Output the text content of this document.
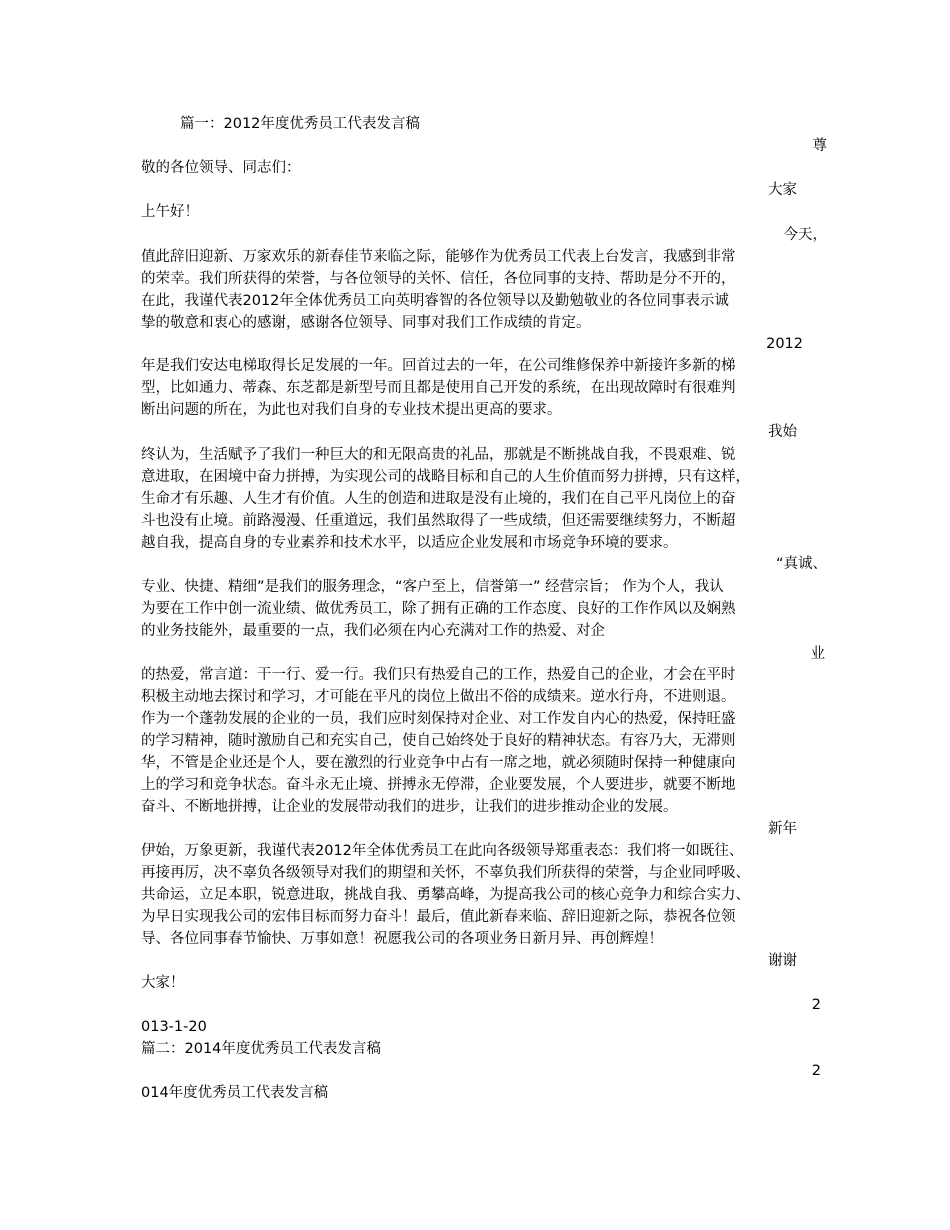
篇一：2012年度优秀员工代表发言稿
尊
敬的各位领导、同志们：
大家
上午好！
今天，
值此辞旧迎新、万家欢乐的新春佳节来临之际，能够作为优秀员工代表上台发言，我感到非常
的荣幸。我们所获得的荣誉，与各位领导的关怀、信任，各位同事的支持、帮助是分不开的，
在此，我谨代表2012年全体优秀员工向英明睿智的各位领导以及勤勉敬业的各位同事表示诚
挚的敬意和衷心的感谢，感谢各位领导、同事对我们工作成绩的肯定。
2012
年是我们安达电梯取得长足发展的一年。回首过去的一年，在公司维修保养中新接许多新的梯
型，比如通力、蒂森、东芝都是新型号而且都是使用自己开发的系统，在出现故障时有很难判
断出问题的所在，为此也对我们自身的专业技术提出更高的要求。
我始
终认为，生活赋予了我们一种巨大的和无限高贵的礼品，那就是不断挑战自我，不畏艰难、锐
意进取，在困境中奋力拼搏，为实现公司的战略目标和自己的人生价值而努力拼搏，只有这样，
生命才有乐趣、人生才有价值。人生的创造和进取是没有止境的，我们在自己平凡岗位上的奋
斗也没有止境。前路漫漫、任重道远，我们虽然取得了一些成绩，但还需要继续努力，不断超
越自我，提高自身的专业素养和技术水平，以适应企业发展和市场竞争环境的要求。
“真诚、
专业、快捷、精细”是我们的服务理念，“客户至上，信誉第一” 经营宗旨； 作为个人，我认
为要在工作中创一流业绩、做优秀员工，除了拥有正确的工作态度、良好的工作作风以及娴熟
的业务技能外，最重要的一点，我们必须在内心充满对工作的热爱、对企
业
的热爱，常言道：干一行、爱一行。我们只有热爱自己的工作，热爱自己的企业，才会在平时
积极主动地去探讨和学习，才可能在平凡的岗位上做出不俗的成绩来。逆水行舟，不进则退。
作为一个蓬勃发展的企业的一员，我们应时刻保持对企业、对工作发自内心的热爱，保持旺盛
的学习精神，随时激励自己和充实自己，使自己始终处于良好的精神状态。有容乃大，无滞则
华，不管是企业还是个人，要在激烈的行业竞争中占有一席之地，就必须随时保持一种健康向
上的学习和竞争状态。奋斗永无止境、拼搏永无停滞，企业要发展，个人要进步，就要不断地
奋斗、不断地拼搏，让企业的发展带动我们的进步，让我们的进步推动企业的发展。
新年
伊始，万象更新，我谨代表2012年全体优秀员工在此向各级领导郑重表态：我们将一如既往、
再接再厉，决不辜负各级领导对我们的期望和关怀，不辜负我们所获得的荣誉，与企业同呼吸、
共命运，立足本职，锐意进取，挑战自我、勇攀高峰，为提高我公司的核心竞争力和综合实力、
为早日实现我公司的宏伟目标而努力奋斗！最后，值此新春来临、辞旧迎新之际，恭祝各位领
导、各位同事春节愉快、万事如意！祝愿我公司的各项业务日新月异、再创辉煌！
谢谢
大家！
2
013-1-20
篇二：2014年度优秀员工代表发言稿
2
014年度优秀员工代表发言稿
